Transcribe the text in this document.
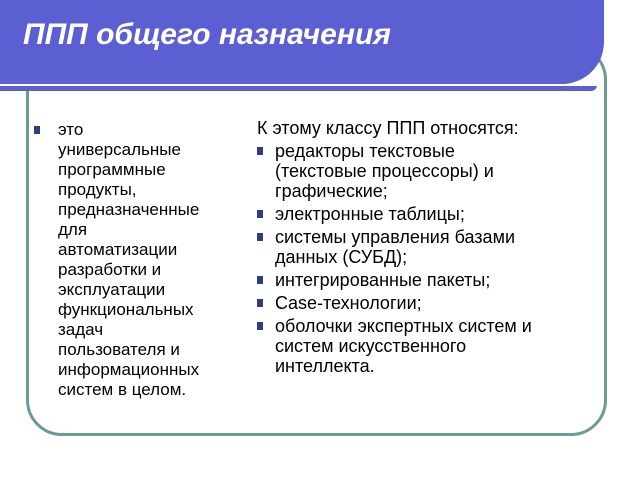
ППП общего назначения
это
универсальные
программные
продукты,
предназначенные
для
автоматизации
разработки и
эксплуатации
функциональных
задач
пользователя и
информационных
систем в целом.
К этому классу ППП относятся:
редакторы текстовые
(текстовые процессоры) и
графические;
электронные таблицы;
системы управления базами
данных (СУБД);
интегрированные пакеты;
Case-технологии;
оболочки экспертных систем и
систем искусственного
интеллекта.
